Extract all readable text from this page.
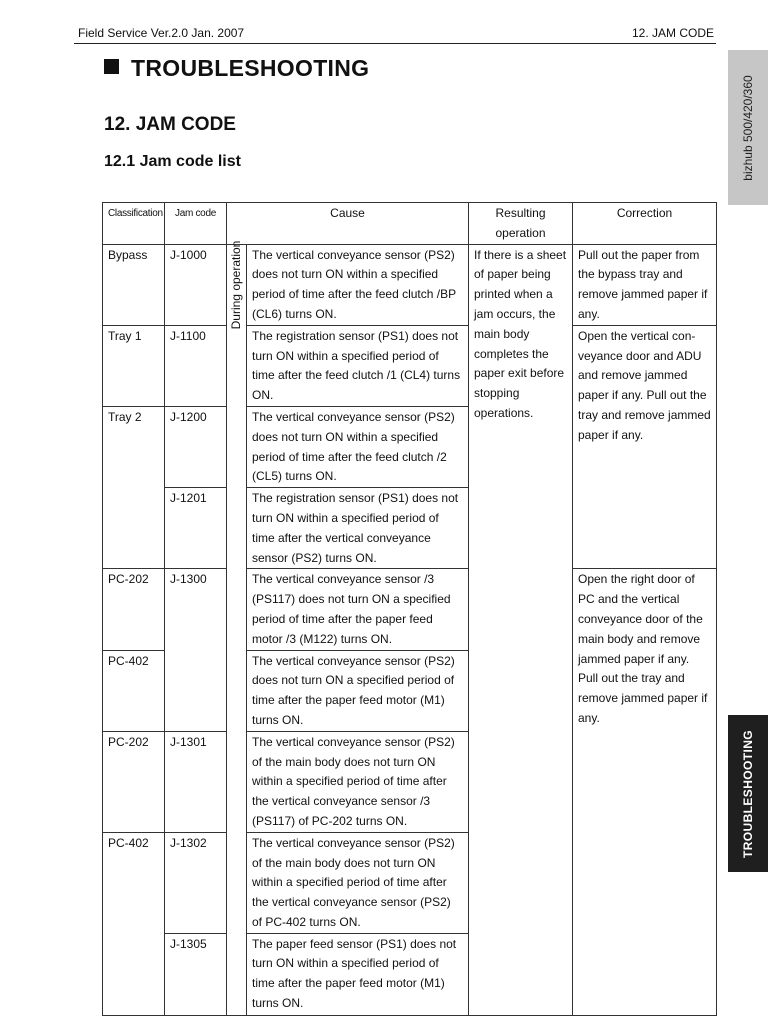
Field Service Ver.2.0 Jan. 2007	12. JAM CODE
TROUBLESHOOTING
12. JAM CODE
12.1 Jam code list	bizhub 500/420/360
TROUBLESHOOTING
Classification	Jam code	Cause		Resulting operation	Correction
Bypass	J-1000	During operation	The vertical conveyance sensor (PS2) does not turn ON within a specified period of time after the feed clutch /BP (CL6) turns ON.	If there is a sheet of paper being printed when a jam occurs, the main body completes the paper exit before stopping operations.	Pull out the paper from the bypass tray and remove jammed paper if any.
Tray 1	J-1100		The registration sensor (PS1) does not turn ON within a specified period of time after the feed clutch /1 (CL4) turns ON.		Open the vertical con-veyance door and ADU and remove jammed paper if any. Pull out the tray and remove jammed paper if any.
Tray 2	J-1200		The vertical conveyance sensor (PS2) does not turn ON within a specified period of time after the feed clutch /2 (CL5) turns ON.		
	J-1201		The registration sensor (PS1) does not turn ON within a specified period of time after the vertical conveyance sensor (PS2) turns ON.		
PC-202	J-1300		The vertical conveyance sensor /3 (PS117) does not turn ON a specified period of time after the paper feed motor /3 (M122) turns ON.		Open the right door of PC and the vertical conveyance door of the main body and remove jammed paper if any. Pull out the tray and remove jammed paper if any.
PC-402			The vertical conveyance sensor (PS2) does not turn ON a specified period of time after the paper feed motor (M1) turns ON.		
PC-202	J-1301		The vertical conveyance sensor (PS2) of the main body does not turn ON within a specified period of time after the vertical conveyance sensor /3 (PS117) of PC-202 turns ON.		
PC-402	J-1302		The vertical conveyance sensor (PS2) of the main body does not turn ON within a specified period of time after the vertical conveyance sensor (PS2) of PC-402 turns ON.		
	J-1305		The paper feed sensor (PS1) does not turn ON within a specified period of time after the paper feed motor (M1) turns ON.		
